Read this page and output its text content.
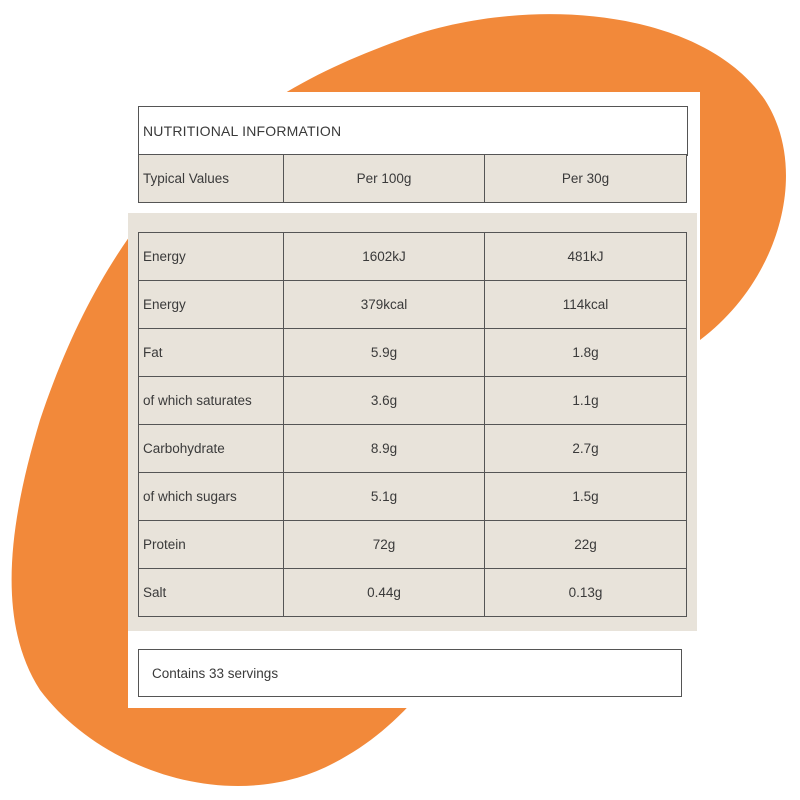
NUTRITIONAL INFORMATION
Typical Values	Per 100g	Per 30g
Energy	1602kJ	481kJ
Energy	379kcal	114kcal
Fat	5.9g	1.8g
of which saturates	3.6g	1.1g
Carbohydrate	8.9g	2.7g
of which sugars	5.1g	1.5g
Protein	72g	22g
Salt	0.44g	0.13g
Contains 33 servings
